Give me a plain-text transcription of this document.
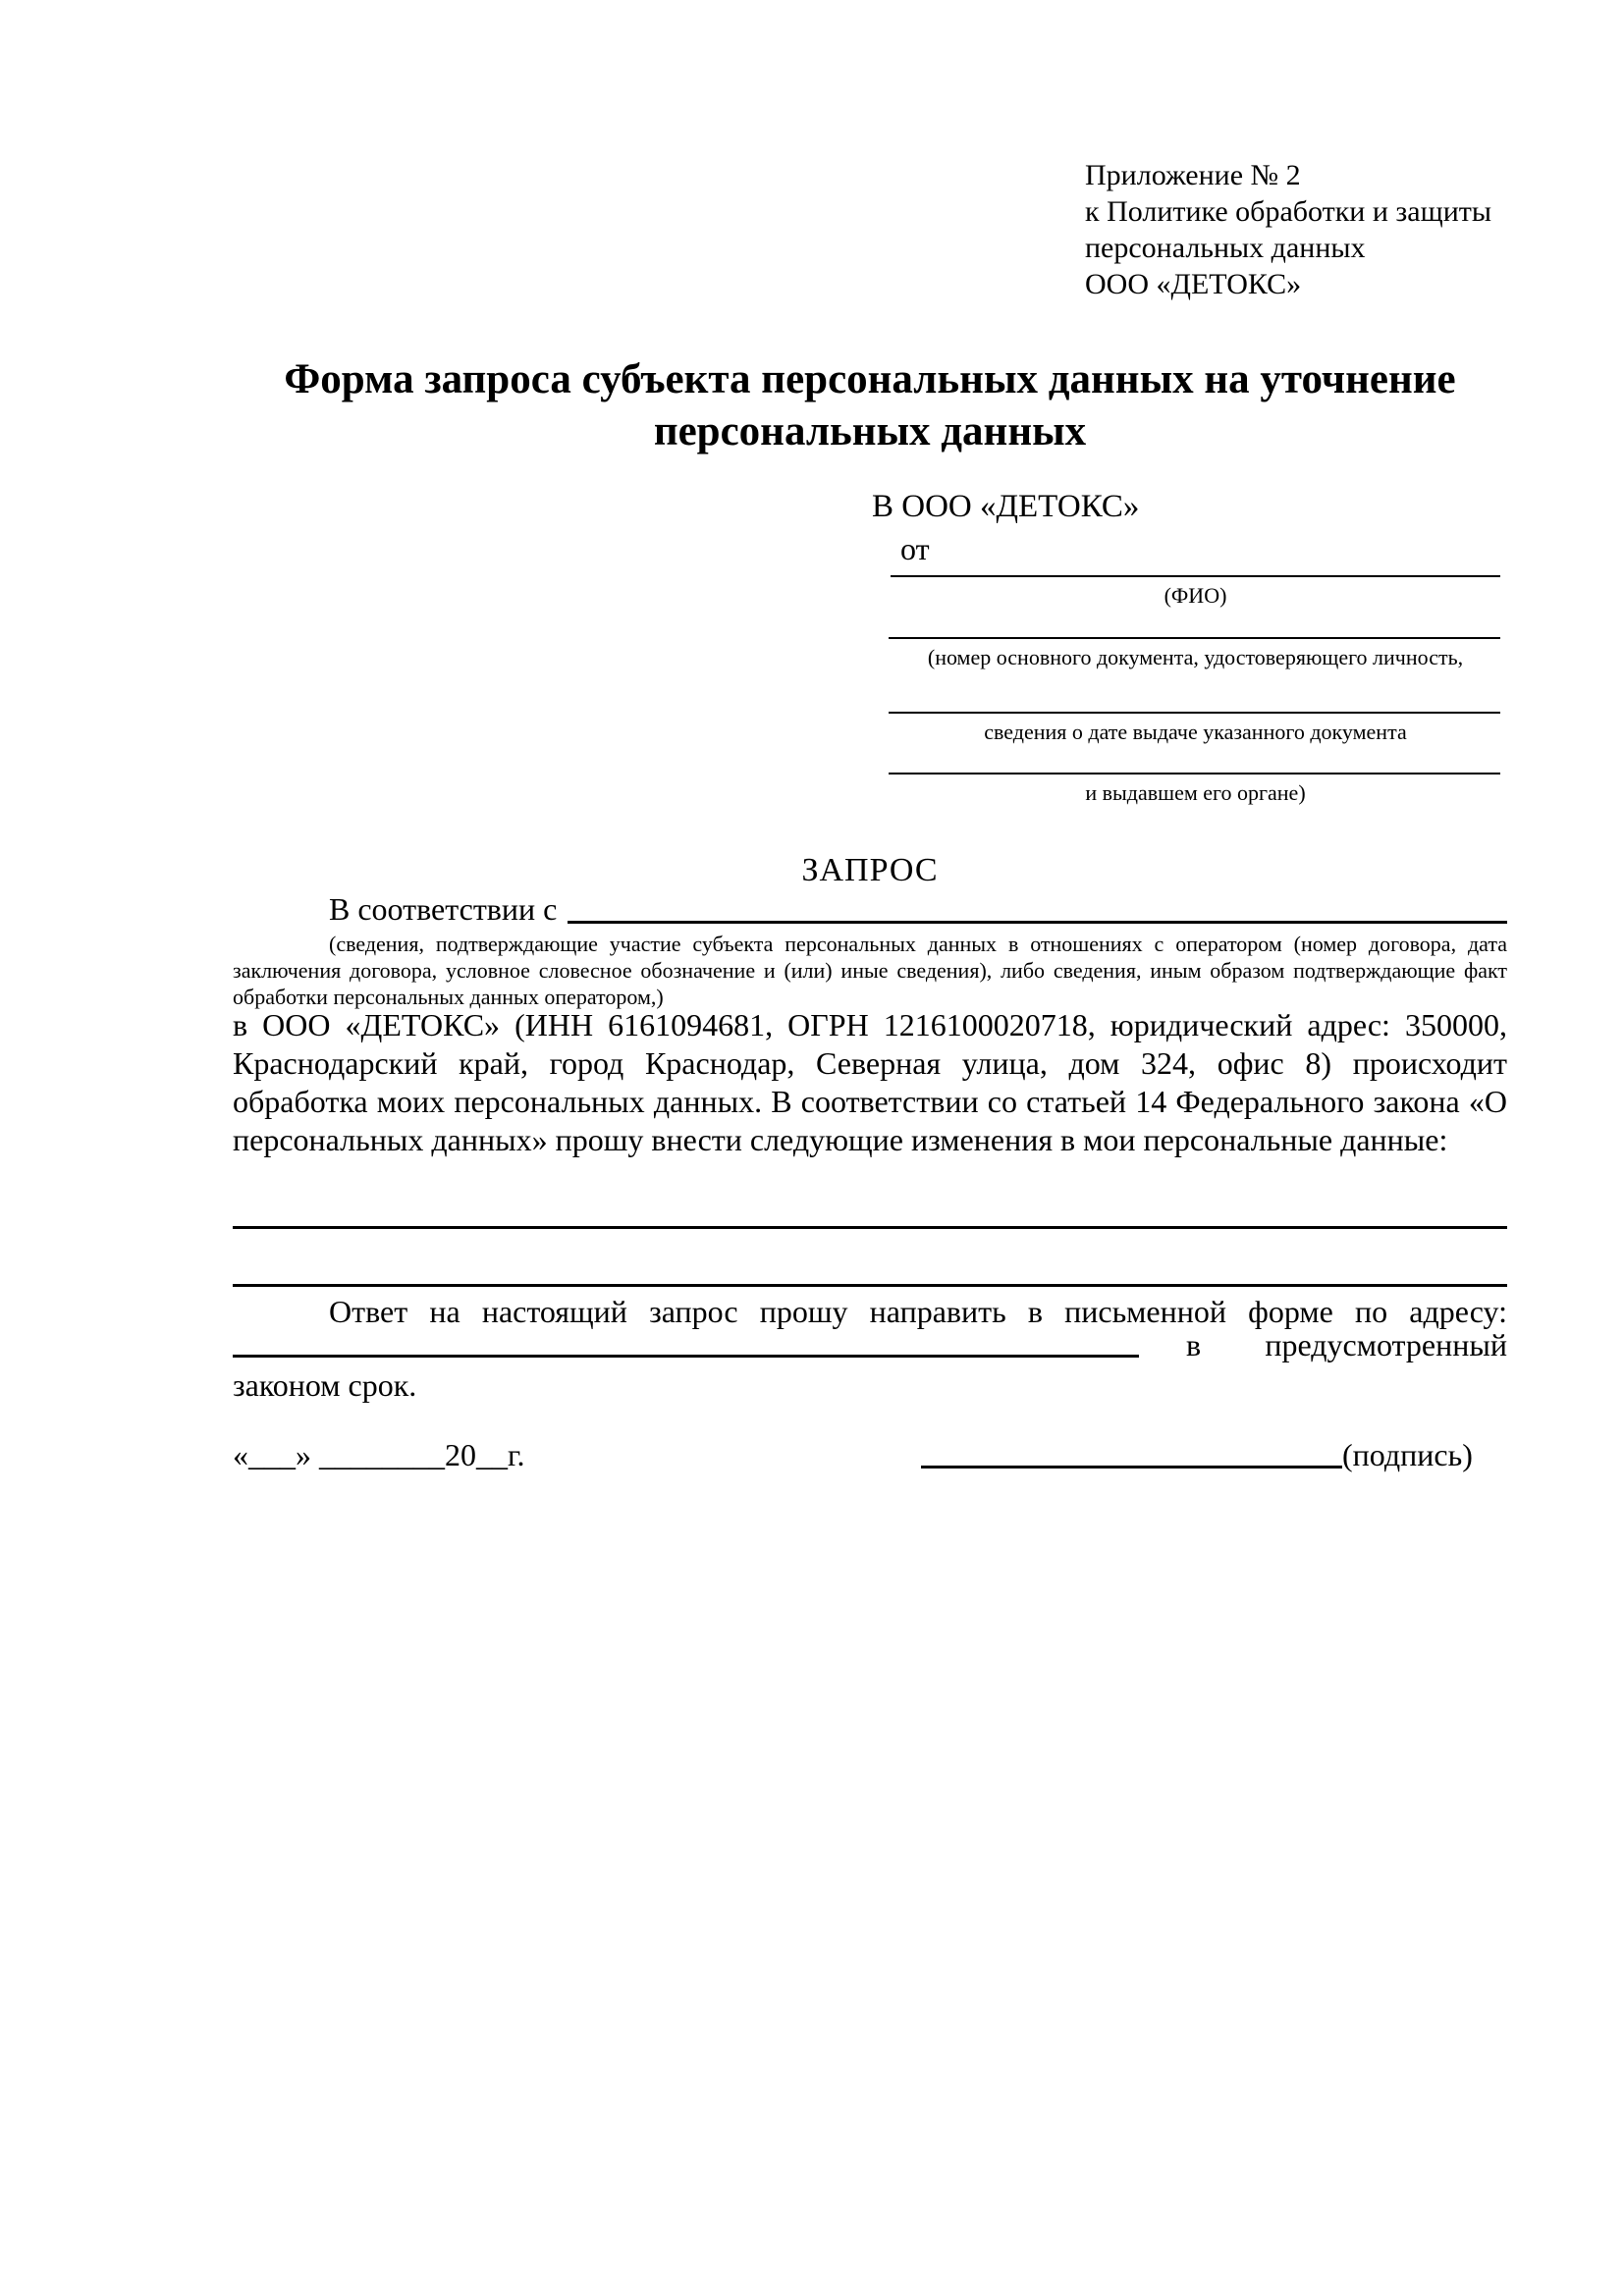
Приложение № 2
к Политике обработки и защиты
персональных данных
ООО «ДЕТОКС»
Форма запроса субъекта персональных данных на уточнение персональных данных
В ООО «ДЕТОКС»
от
(ФИО)
(номер основного документа, удостоверяющего личность,
сведения о дате выдаче указанного документа
и выдавшем его органе)
ЗАПРОС
В соответствии с
(сведения, подтверждающие участие субъекта персональных данных в отношениях с оператором (номер договора, дата заключения договора, условное словесное обозначение и (или) иные сведения), либо сведения, иным образом подтверждающие факт обработки персональных данных оператором,)
в ООО «ДЕТОКС» (ИНН 6161094681, ОГРН 1216100020718, юридический адрес: 350000, Краснодарский край, город Краснодар, Северная улица, дом 324, офис 8) происходит обработка моих персональных данных. В соответствии со статьей 14 Федерального закона «О персональных данных» прошу внести следующие изменения в мои персональные данные:
Ответ на настоящий запрос прошу направить в письменной форме по адресу:
в предусмотренный
законом срок.
«___» ________20__г.	(подпись)
